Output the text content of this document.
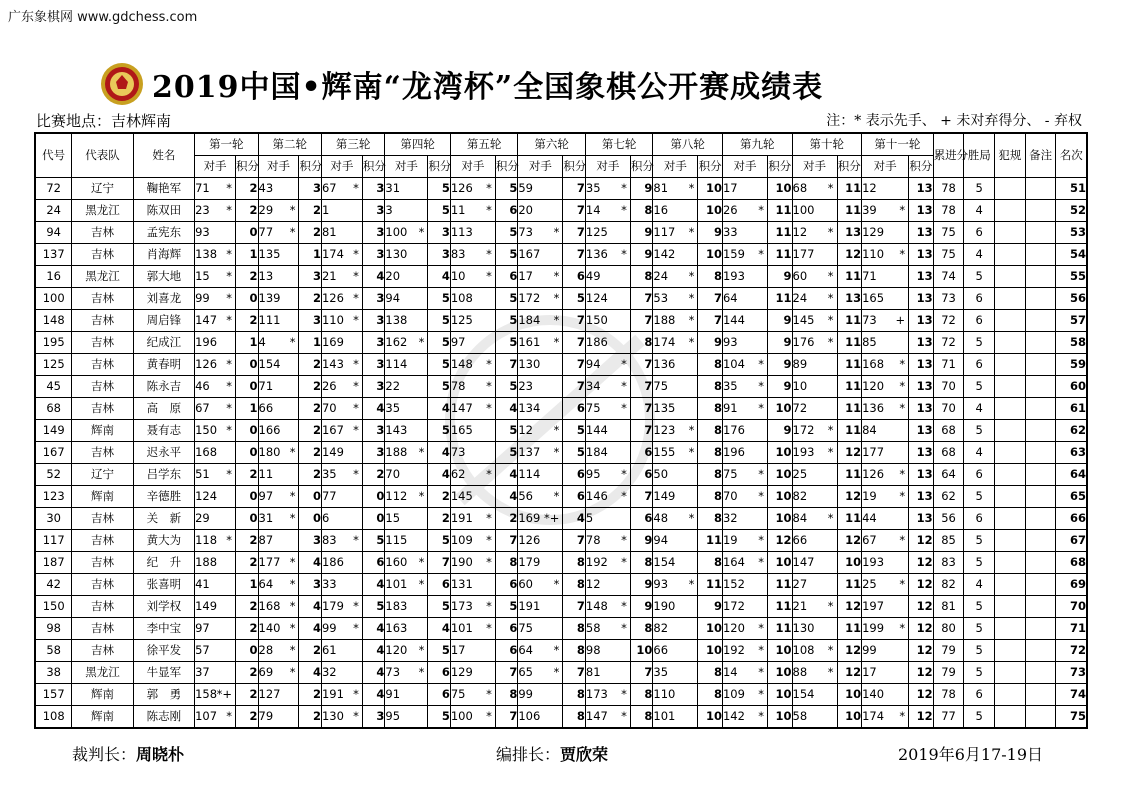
广东象棋网 www.gdchess.com
2019中国•辉南“龙湾杯”全国象棋公开赛成绩表
比赛地点：吉林辉南	注：* 表示先手、 + 未对弃得分、 - 弃权
代号	代表队	姓名	第一轮		第二轮		第三轮		第四轮		第五轮		第六轮		第七轮		第八轮		第九轮		第十轮		第十一轮		累进分	胜局	犯规	备注	名次
			对手	积分	对手	积分	对手	积分	对手	积分	对手	积分	对手	积分	对手	积分	对手	积分	对手	积分	对手	积分	对手	积分					
72	辽宁	鞠艳军	71 *	2	43	3	67 *	3	31	5	126 *	5	59	7	35 *	9	81 *	10	17	10	68 *	11	12	13	78	5			51
24	黑龙江	陈双田	23 *	2	29 *	2	1	3	3	5	11 *	6	20	7	14 *	8	16	10	26 *	11	100	11	39 *	13	78	4			52
94	吉林	孟宪东	93	0	77 *	2	81	3	100 *	3	113	5	73 *	7	125	9	117 *	9	33	11	12 *	13	129	13	75	6			53
137	吉林	肖海辉	138 *	1	135	1	174 *	3	130	3	83 *	5	167	7	136 *	9	142	10	159 *	11	177	12	110 *	13	75	4			54
16	黑龙江	郭大地	15 *	2	13	3	21 *	4	20	4	10 *	6	17 *	6	49	8	24 *	8	193	9	60 *	11	71	13	74	5			55
100	吉林	刘喜龙	99 *	0	139	2	126 *	3	94	5	108	5	172 *	5	124	7	53 *	7	64	11	24 *	13	165	13	73	6			56
148	吉林	周启锋	147 *	2	111	3	110 *	3	138	5	125	5	184 *	7	150	7	188 *	7	144	9	145 *	11	73 +	13	72	6			57
195	吉林	纪成江	196	1	4 *	1	169	3	162 *	5	97	5	161 *	7	186	8	174 *	9	93	9	176 *	11	85	13	72	5			58
125	吉林	黄春明	126 *	0	154	2	143 *	3	114	5	148 *	7	130	7	94 *	7	136	8	104 *	9	89	11	168 *	13	71	6			59
45	吉林	陈永吉	46 *	0	71	2	26 *	3	22	5	78 *	5	23	7	34 *	7	75	8	35 *	9	10	11	120 *	13	70	5			60
68	吉林	高　原	67 *	1	66	2	70 *	4	35	4	147 *	4	134	6	75 *	7	135	8	91 *	10	72	11	136 *	13	70	4			61
149	辉南	聂有志	150 *	0	166	2	167 *	3	143	5	165	5	12 *	5	144	7	123 *	8	176	9	172 *	11	84	13	68	5			62
167	吉林	迟永平	168	0	180 *	2	149	3	188 *	4	73	5	137 *	5	184	6	155 *	8	196	10	193 *	12	177	13	68	4			63
52	辽宁	吕学东	51 *	2	11	2	35 *	2	70	4	62 *	4	114	6	95 *	6	50	8	75 *	10	25	11	126 *	13	64	6			64
123	辉南	辛德胜	124	0	97 *	0	77	0	112 *	2	145	4	56 *	6	146 *	7	149	8	70 *	10	82	12	19 *	13	62	5			65
30	吉林	关　新	29	0	31 *	0	6	0	15	2	191 *	2	169 *+	4	5	6	48 *	8	32	10	84 *	11	44	13	56	6			66
117	吉林	黄大为	118 *	2	87	3	83 *	5	115	5	109 *	7	126	7	78 *	9	94	11	19 *	12	66	12	67 *	12	85	5			67
187	吉林	纪　升	188	2	177 *	4	186	6	160 *	7	190 *	8	179	8	192 *	8	154	8	164 *	10	147	10	193	12	83	5			68
42	吉林	张喜明	41	1	64 *	3	33	4	101 *	6	131	6	60 *	8	12	9	93 *	11	152	11	27	11	25 *	12	82	4			69
150	吉林	刘学权	149	2	168 *	4	179 *	5	183	5	173 *	5	191	7	148 *	9	190	9	172	11	21 *	12	197	12	81	5			70
98	吉林	李中宝	97	2	140 *	4	99 *	4	163	4	101 *	6	75	8	58 *	8	82	10	120 *	11	130	11	199 *	12	80	5			71
58	吉林	徐平发	57	0	28 *	2	61	4	120 *	5	17	6	64 *	8	98	10	66	10	192 *	10	108 *	12	99	12	79	5			72
38	黑龙江	牛显军	37	2	69 *	4	32	4	73 *	6	129	7	65 *	7	81	7	35	8	14 *	10	88 *	12	17	12	79	5			73
157	辉南	郭　勇	158 *+	2	127	2	191 *	4	91	6	75 *	8	99	8	173 *	8	110	8	109 *	10	154	10	140	12	78	6			74
108	辉南	陈志刚	107 *	2	79	2	130 *	3	95	5	100 *	7	106	8	147 *	8	101	10	142 *	10	58	10	174 *	12	77	5			75
裁判长：周晓朴	编排长：贾欣荣	2019年6月17-19日
